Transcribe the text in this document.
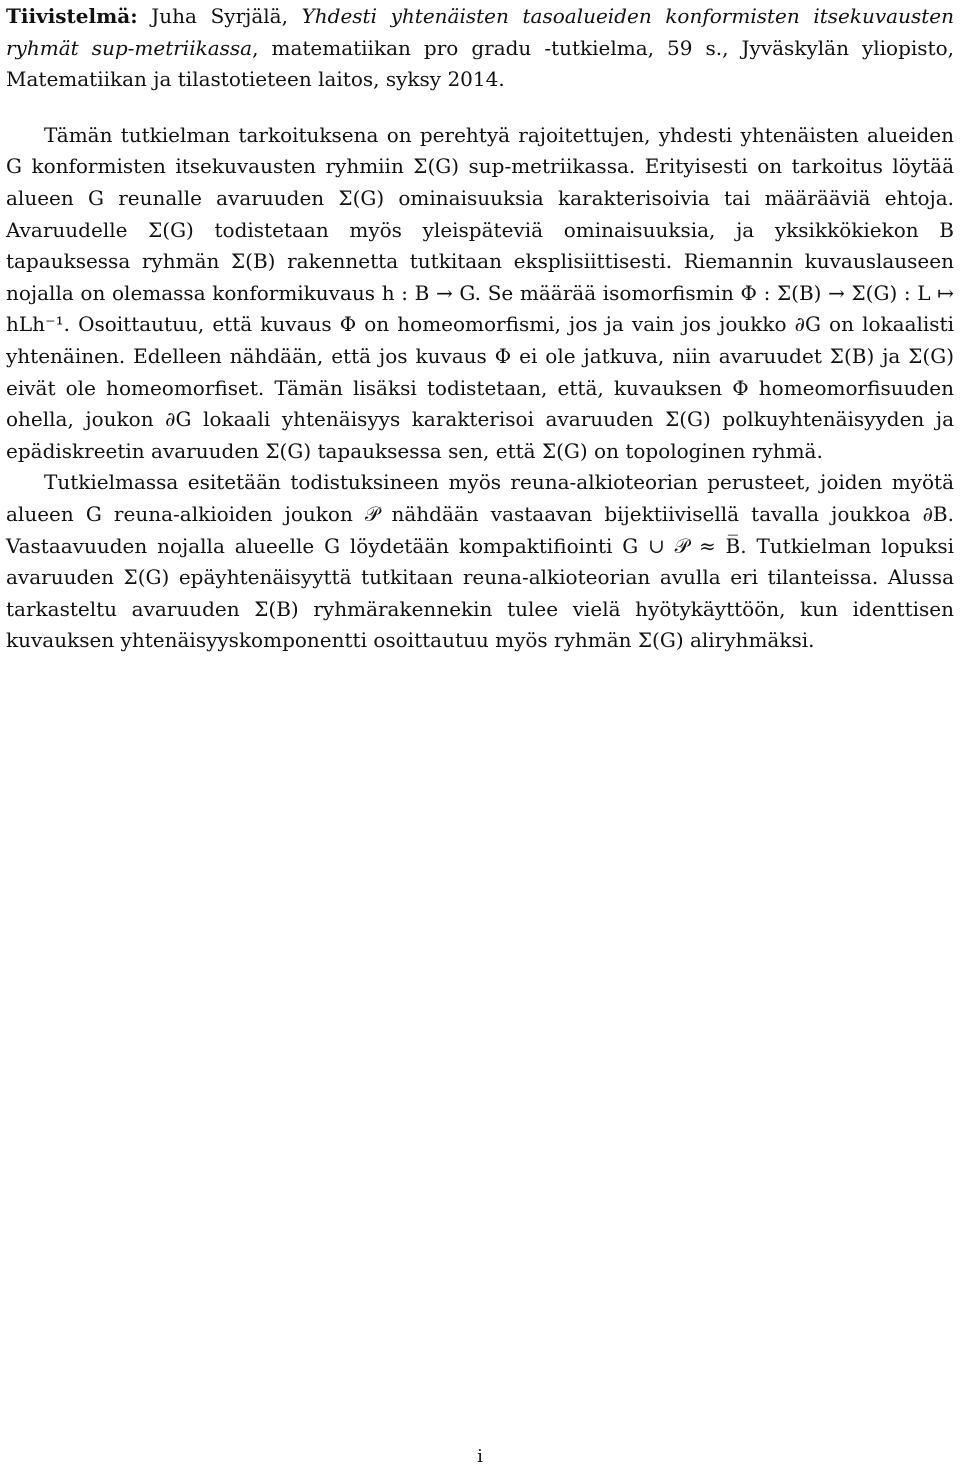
Tiivistelmä: Juha Syrjälä, Yhdesti yhtenäisten tasoalueiden konformisten itsekuvausten ryhmät sup-metriikassa, matematiikan pro gradu -tutkielma, 59 s., Jyväskylän yliopisto, Matematiikan ja tilastotieteen laitos, syksy 2014.

Tämän tutkielman tarkoituksena on perehtyä rajoitettujen, yhdesti yhtenäisten alueiden G konformisten itsekuvausten ryhmiin Σ(G) sup-metriikassa. Erityisesti on tarkoitus löytää alueen G reunalle avaruuden Σ(G) ominaisuuksia karakterisoivia tai määrääviä ehtoja. Avaruudelle Σ(G) todistetaan myös yleispäteviä ominaisuuksia, ja yksikkökiekon B tapauksessa ryhmän Σ(B) rakennetta tutkitaan eksplisiittisesti. Riemannin kuvauslauseen nojalla on olemassa konformikuvaus h : B → G. Se määrää isomorfismin Φ : Σ(B) → Σ(G) : L ↦ hLh⁻¹. Osoittautuu, että kuvaus Φ on homeomorfismi, jos ja vain jos joukko ∂G on lokaalisti yhtenäinen. Edelleen nähdään, että jos kuvaus Φ ei ole jatkuva, niin avaruudet Σ(B) ja Σ(G) eivät ole homeomorfiset. Tämän lisäksi todistetaan, että, kuvauksen Φ homeomorfisuuden ohella, joukon ∂G lokaali yhtenäisyys karakterisoi avaruuden Σ(G) polkuyhtenäisyyden ja epädiskreetin avaruuden Σ(G) tapauksessa sen, että Σ(G) on topologinen ryhmä.

Tutkielmassa esitetään todistuksineen myös reuna-alkioteorian perusteet, joiden myötä alueen G reuna-alkioiden joukon 𝒫 nähdään vastaavan bijektiivisellä tavalla joukkoa ∂B. Vastaavuuden nojalla alueelle G löydetään kompaktifiointi G ∪ 𝒫 ≈ B̅. Tutkielman lopuksi avaruuden Σ(G) epäyhtenäisyyttä tutkitaan reuna-alkioteorian avulla eri tilanteissa. Alussa tarkasteltu avaruuden Σ(B) ryhmärakennekin tulee vielä hyötykäyttöön, kun identtisen kuvauksen yhtenäisyyskomponentti osoittautuu myös ryhmän Σ(G) aliryhmäksi.

i
